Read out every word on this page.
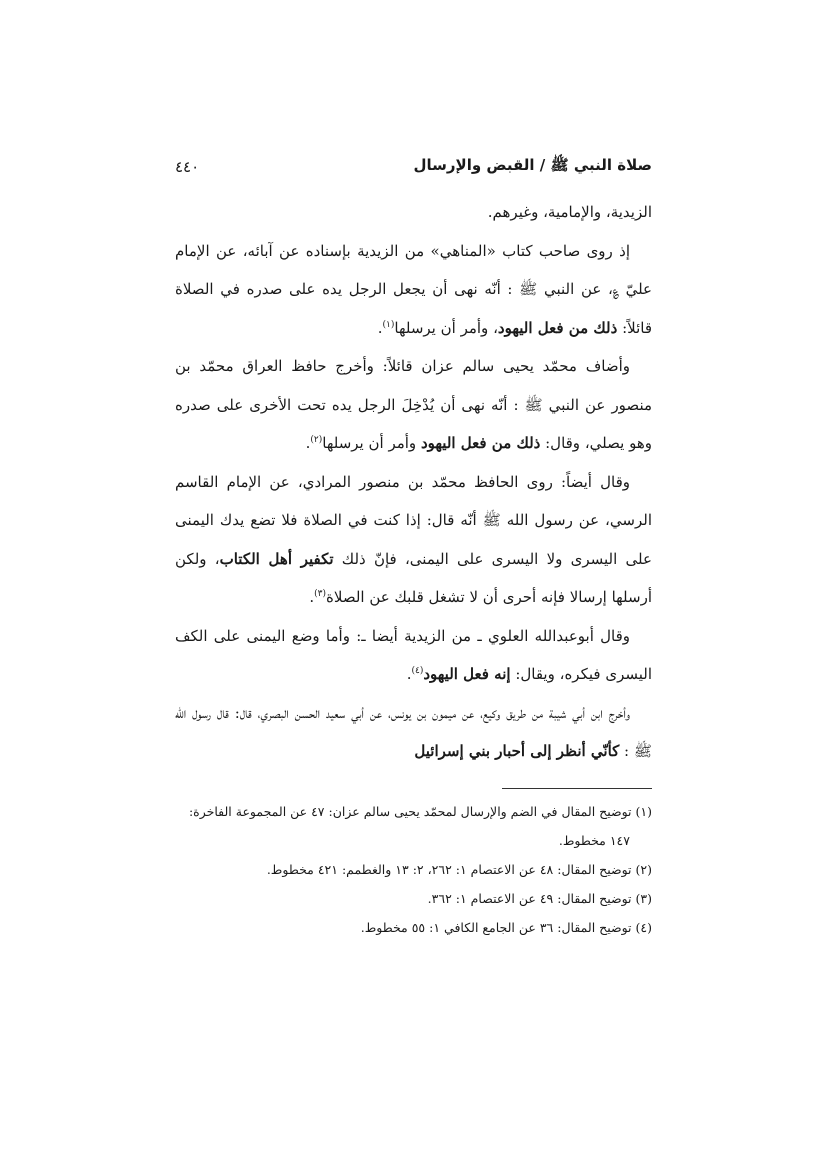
صلاة النبي ﷺ / القبض والإرسال
٤٤٠

الزيدية، والإمامية، وغيرهم.

إذ روى صاحب كتاب «المناهي» من الزيدية بإسناده عن آبائه، عن الإمام عليّ ؏، عن النبي ﷺ : أنّه نهى أن يجعل الرجل يده على صدره في الصلاة قائلاً: ذلك من فعل اليهود، وأمر أن يرسلها$^{(١)}$.

وأضاف محمّد يحيى سالم عزان قائلاً: وأخرج حافظ العراق محمّد بن منصور عن النبي ﷺ : أنّه نهى أن يُدْخِلَ الرجل يده تحت الأخرى على صدره وهو يصلي، وقال: ذلك من فعل اليهود وأمر أن يرسلها$^{(٢)}$.

وقال أيضاً: روى الحافظ محمّد بن منصور المرادي، عن الإمام القاسم الرسي، عن رسول الله ﷺ أنّه قال: إذا كنت في الصلاة فلا تضع يدك اليمنى على اليسرى ولا اليسرى على اليمنى، فإنّ ذلك تكفير أهل الكتاب، ولكن أرسلها إرسالا فإنه أحرى أن لا تشغل قلبك عن الصلاة$^{(٣)}$.

وقال أبوعبدالله العلوي ـ من الزيدية أيضا ـ: وأما وضع اليمنى على الكف اليسرى فيكره، ويقال: إنه فعل اليهود$^{(٤)}$.

وأخرج ابن أبي شيبة من طريق وكيع، عن ميمون بن يونس، عن أبي سعيد الحسن البصري، قال: قال رسول الله ﷺ : كأنّي أنظر إلى أحبار بني إسرائيل

(١) توضيح المقال في الضم والإرسال لمحمّد يحيى سالم عزان: ٤٧ عن المجموعة الفاخرة:

١٤٧ مخطوط.

(٢) توضيح المقال: ٤٨ عن الاعتصام ١: ٢٦٢، ٢: ١٣ والغطمم: ٤٢١ مخطوط.

(٣) توضيح المقال: ٤٩ عن الاعتصام ١: ٣٦٢.

(٤) توضيح المقال: ٣٦ عن الجامع الكافي ١: ٥٥ مخطوط.
